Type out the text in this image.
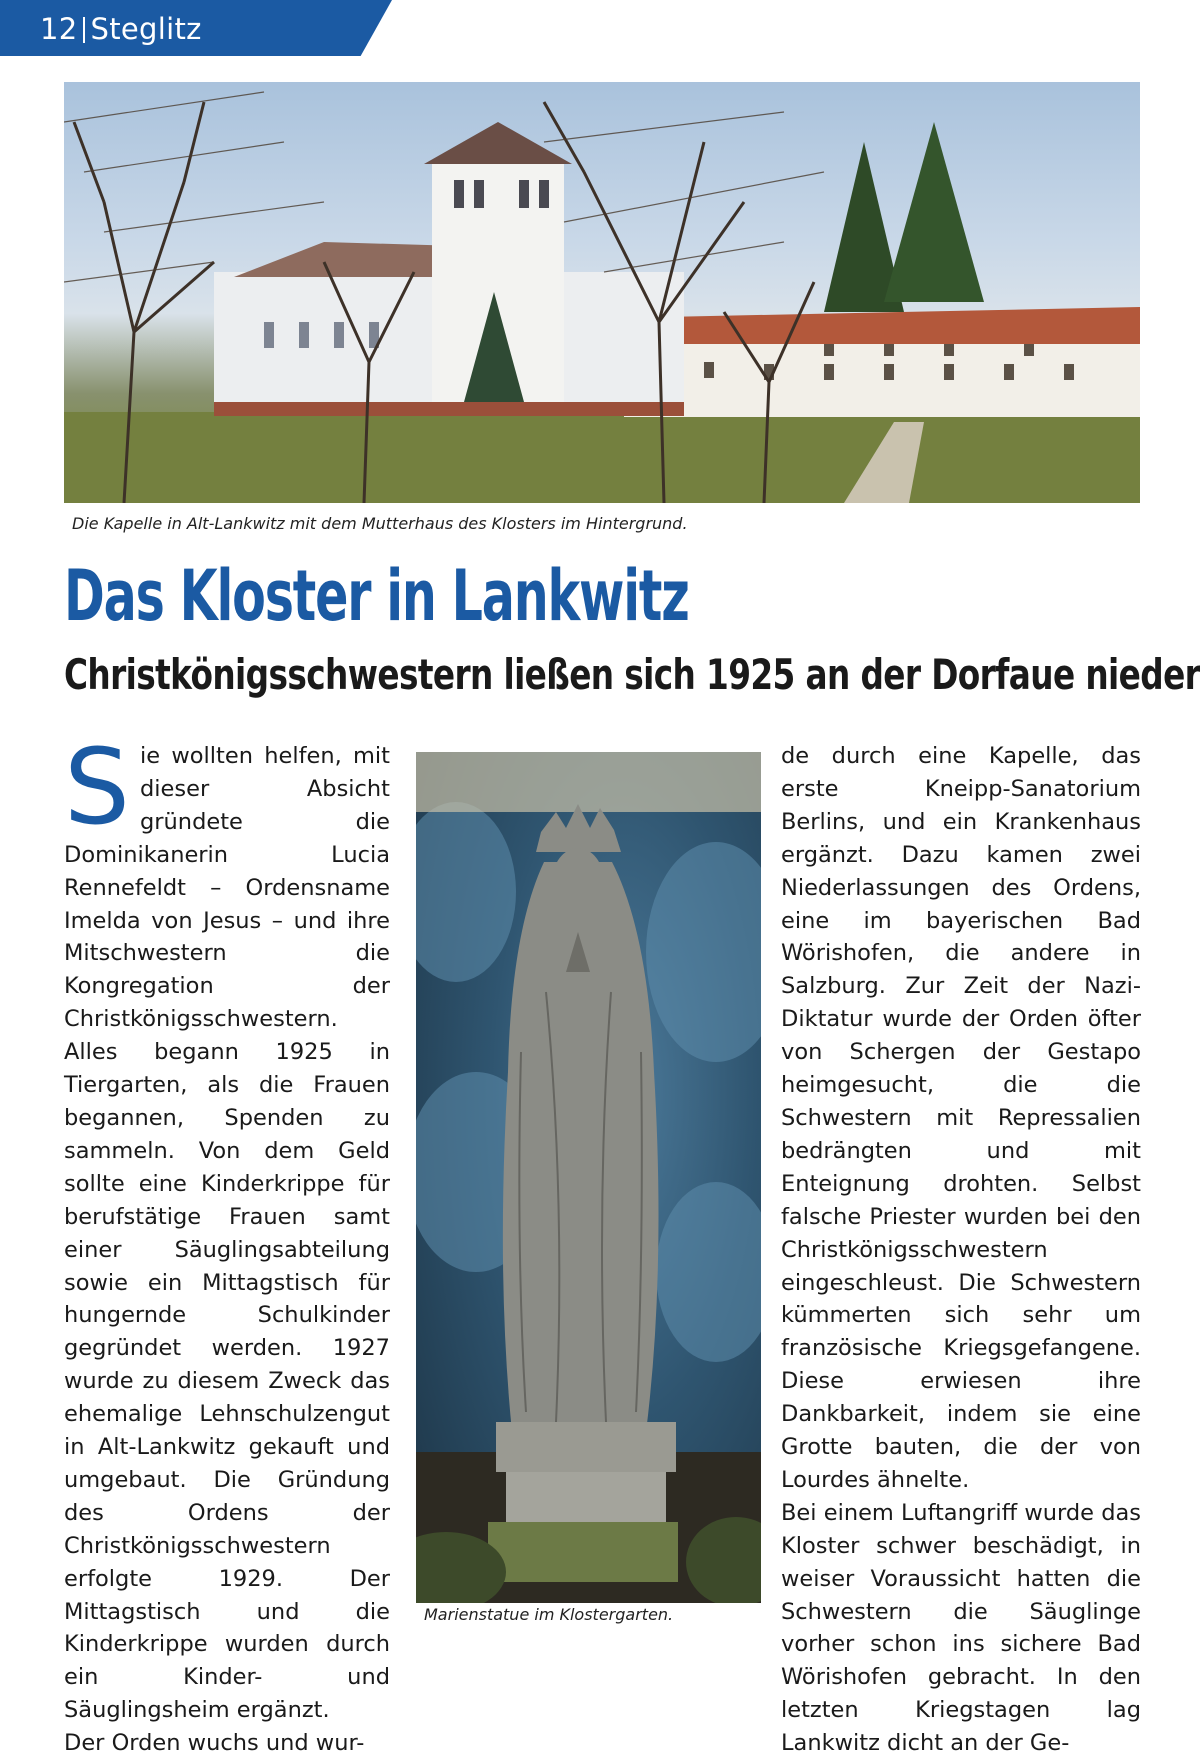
12 Steglitz
Die Kapelle in Alt-Lankwitz mit dem Mutterhaus des Klosters im Hintergrund.
Das Kloster in Lankwitz
Christkönigsschwestern ließen sich 1925 an der Dorfaue nieder

Sie wollten helfen, mit dieser Absicht gründete die Dominikanerin Lucia Rennefeldt – Ordensname Imelda von Jesus – und ihre Mitschwestern die Kongregation der Christkönigsschwestern.

Alles begann 1925 in Tiergarten, als die Frauen begannen, Spenden zu sammeln. Von dem Geld sollte eine Kinderkrippe für berufstätige Frauen samt einer Säuglingsabteilung sowie ein Mittagstisch für hungernde Schulkinder gegründet werden. 1927 wurde zu diesem Zweck das ehemalige Lehnschulzengut in Alt-Lankwitz gekauft und umgebaut. Die Gründung des Ordens der Christkönigsschwestern erfolgte 1929. Der Mittagstisch und die Kinderkrippe wurden durch ein Kinder- und Säuglingsheim ergänzt.

Der Orden wuchs und wur-

Marienstatue im Klostergarten.

de durch eine Kapelle, das erste Kneipp-Sanatorium Berlins, und ein Krankenhaus ergänzt. Dazu kamen zwei Niederlassungen des Ordens, eine im bayerischen Bad Wörishofen, die andere in Salzburg. Zur Zeit der Nazi-Diktatur wurde der Orden öfter von Schergen der Gestapo heimgesucht, die die Schwestern mit Repressalien bedrängten und mit Enteignung drohten. Selbst falsche Priester wurden bei den Christkönigsschwestern eingeschleust. Die Schwestern kümmerten sich sehr um französische Kriegsgefangene. Diese erwiesen ihre Dankbarkeit, indem sie eine Grotte bauten, die der von Lourdes ähnelte.

Bei einem Luftangriff wurde das Kloster schwer beschädigt, in weiser Voraussicht hatten die Schwestern die Säuglinge vorher schon ins sichere Bad Wörishofen gebracht. In den letzten Kriegstagen lag Lankwitz dicht an der Ge-
